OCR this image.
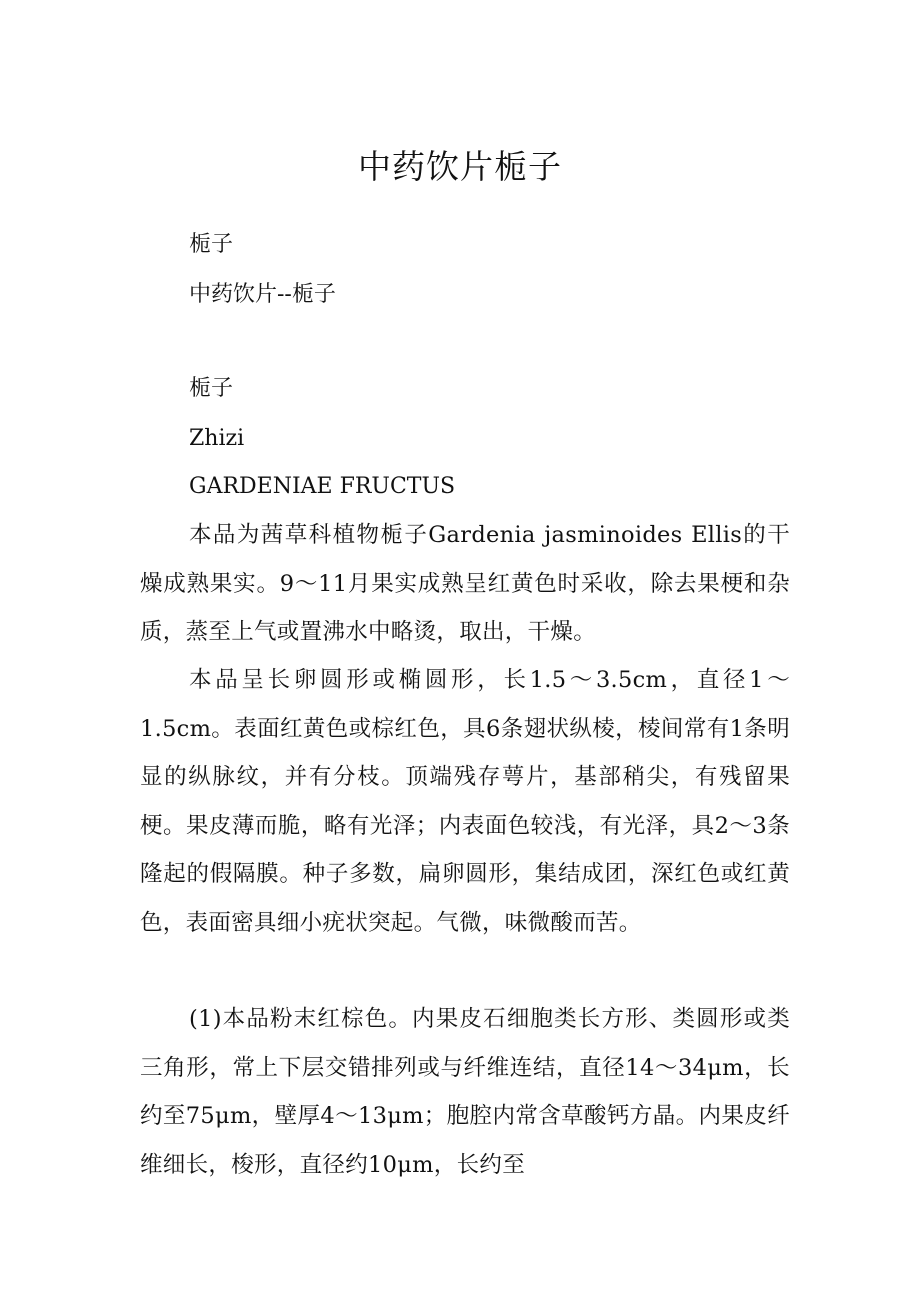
中药饮片栀子
栀子
中药饮片--栀子
栀子
Zhizi
GARDENIAE FRUCTUS

本品为茜草科植物栀子Gardenia jasminoides Ellis的干燥成熟果实。9～11月果实成熟呈红黄色时采收，除去果梗和杂质，蒸至上气或置沸水中略烫，取出，干燥。

本品呈长卵圆形或椭圆形，长1.5～3.5cm，直径1～1.5cm。表面红黄色或棕红色，具6条翅状纵棱，棱间常有1条明显的纵脉纹，并有分枝。顶端残存萼片，基部稍尖，有残留果梗。果皮薄而脆，略有光泽；内表面色较浅，有光泽，具2～3条隆起的假隔膜。种子多数，扁卵圆形，集结成团，深红色或红黄色，表面密具细小疣状突起。气微，味微酸而苦。

(1)本品粉末红棕色。内果皮石细胞类长方形、类圆形或类三角形，常上下层交错排列或与纤维连结，直径14～34μm，长约至75μm，壁厚4～13μm；胞腔内常含草酸钙方晶。内果皮纤维细长，梭形，直径约10μm，长约至
